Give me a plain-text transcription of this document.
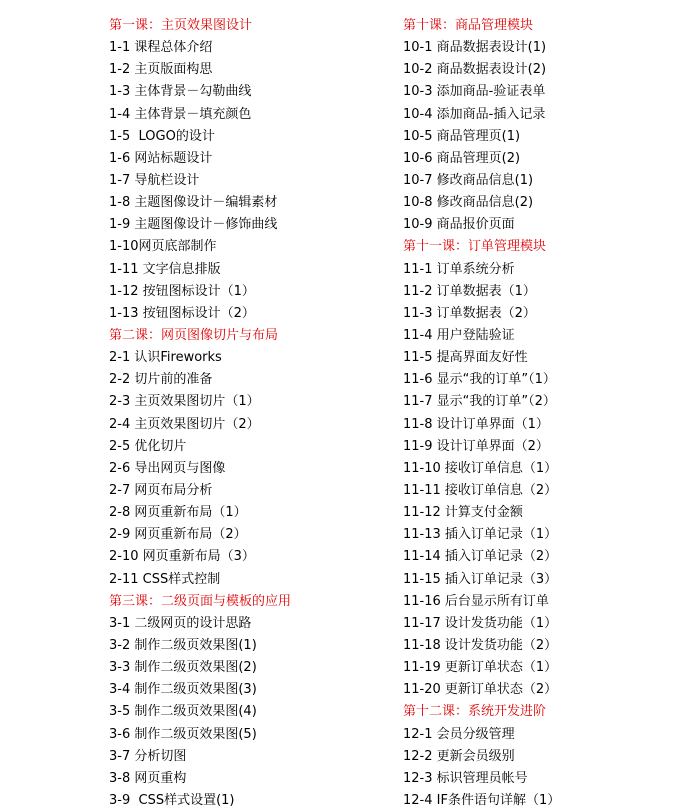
第一课：主页效果图设计
1-1 课程总体介绍
1-2 主页版面构思
1-3 主体背景－勾勒曲线
1-4 主体背景－填充颜色
1-5  LOGO的设计
1-6 网站标题设计
1-7 导航栏设计
1-8 主题图像设计－编辑素材
1-9 主题图像设计－修饰曲线
1-10网页底部制作
1-11 文字信息排版
1-12 按钮图标设计（1）
1-13 按钮图标设计（2）
第二课：网页图像切片与布局
2-1 认识Fireworks
2-2 切片前的准备
2-3 主页效果图切片（1）
2-4 主页效果图切片（2）
2-5 优化切片
2-6 导出网页与图像
2-7 网页布局分析
2-8 网页重新布局（1）
2-9 网页重新布局（2）
2-10 网页重新布局（3）
2-11 CSS样式控制
第三课：二级页面与模板的应用
3-1 二级网页的设计思路
3-2 制作二级页效果图(1)
3-3 制作二级页效果图(2)
3-4 制作二级页效果图(3)
3-5 制作二级页效果图(4)
3-6 制作二级页效果图(5)
3-7 分析切图
3-8 网页重构
3-9  CSS样式设置(1)
第十课：商品管理模块
10-1 商品数据表设计(1)
10-2 商品数据表设计(2)
10-3 添加商品-验证表单
10-4 添加商品-插入记录
10-5 商品管理页(1)
10-6 商品管理页(2)
10-7 修改商品信息(1)
10-8 修改商品信息(2)
10-9 商品报价页面
第十一课：订单管理模块
11-1 订单系统分析
11-2 订单数据表（1）
11-3 订单数据表（2）
11-4 用户登陆验证
11-5 提高界面友好性
11-6 显示“我的订单”（1）
11-7 显示“我的订单”（2）
11-8 设计订单界面（1）
11-9 设计订单界面（2）
11-10 接收订单信息（1）
11-11 接收订单信息（2）
11-12 计算支付金额
11-13 插入订单记录（1）
11-14 插入订单记录（2）
11-15 插入订单记录（3）
11-16 后台显示所有订单
11-17 设计发货功能（1）
11-18 设计发货功能（2）
11-19 更新订单状态（1）
11-20 更新订单状态（2）
第十二课：系统开发进阶
12-1 会员分级管理
12-2 更新会员级别
12-3 标识管理员帐号
12-4 IF条件语句详解（1）
